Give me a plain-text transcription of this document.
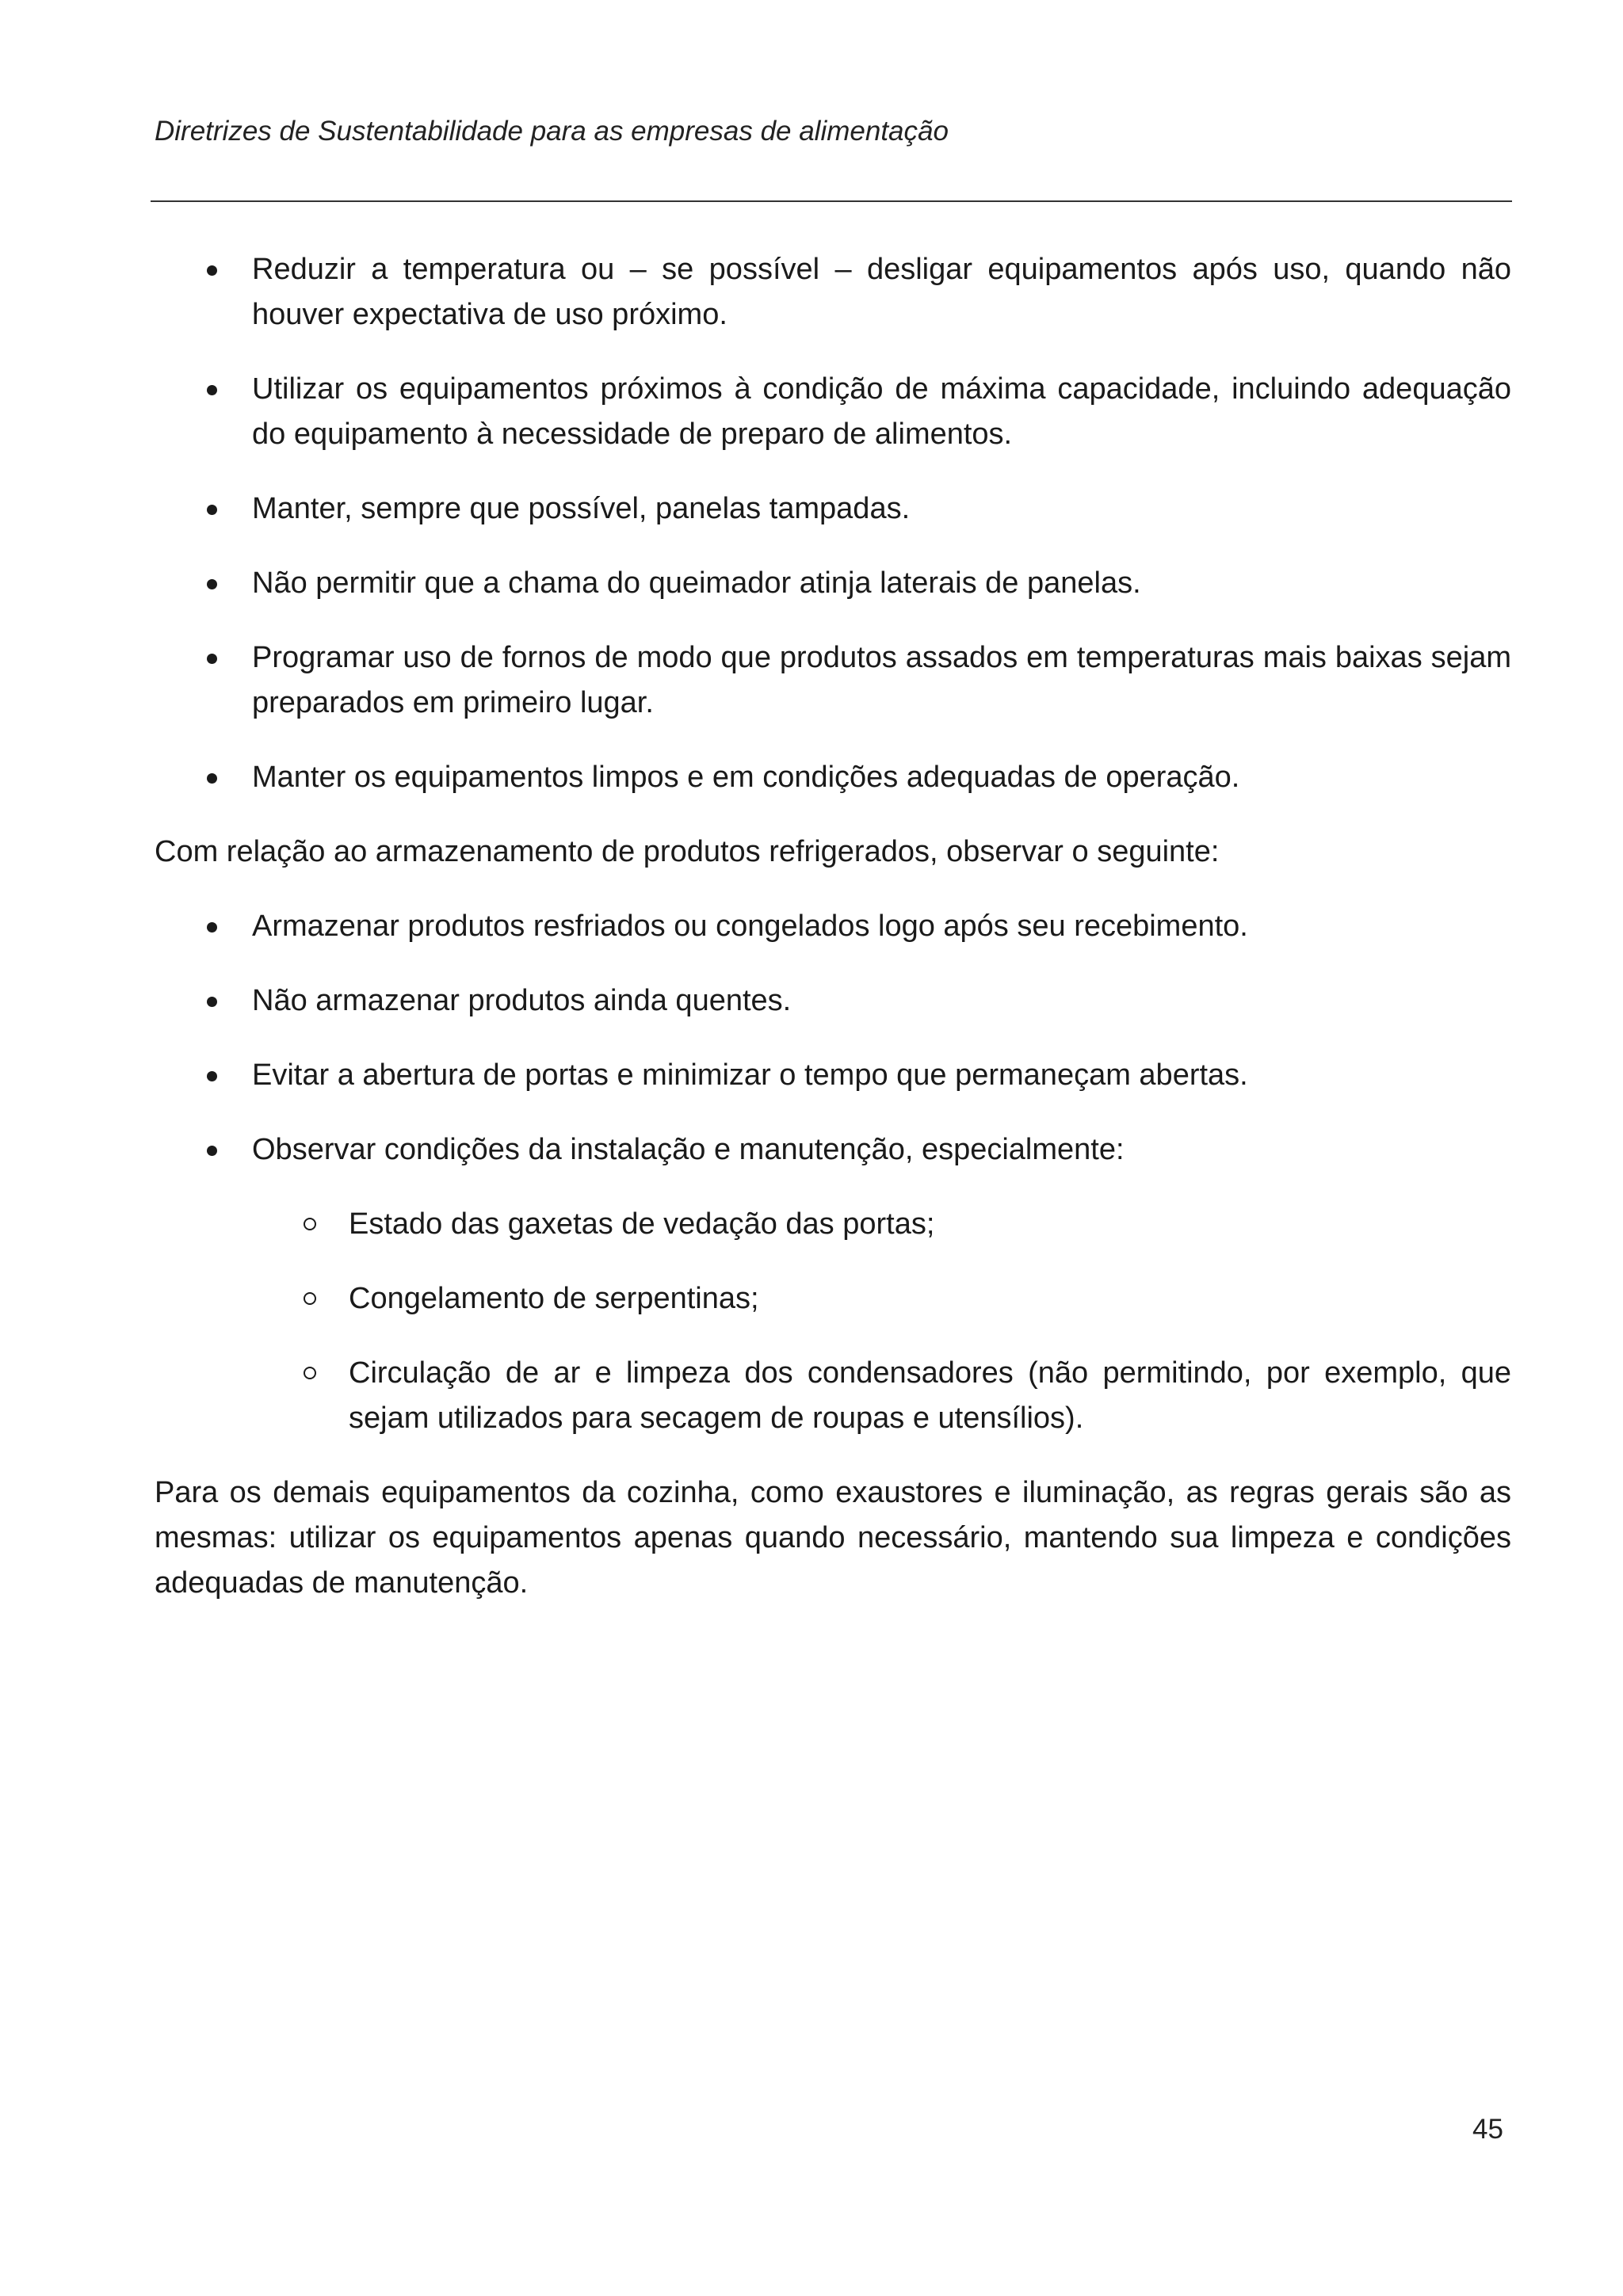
Diretrizes de Sustentabilidade para as empresas de alimentação
Reduzir a temperatura ou – se possível – desligar equipamentos após uso, quando não houver expectativa de uso próximo.
Utilizar os equipamentos próximos à condição de máxima capacidade, incluindo adequação do equipamento à necessidade de preparo de alimentos.
Manter, sempre que possível, panelas tampadas.
Não permitir que a chama do queimador atinja laterais de panelas.
Programar uso de fornos de modo que produtos assados em temperaturas mais baixas sejam preparados em primeiro lugar.
Manter os equipamentos limpos e em condições adequadas de operação.

Com relação ao armazenamento de produtos refrigerados, observar o seguinte:

Armazenar produtos resfriados ou congelados logo após seu recebimento.
Não armazenar produtos ainda quentes.
Evitar a abertura de portas e minimizar o tempo que permaneçam abertas.
Observar condições da instalação e manutenção, especialmente:
Estado das gaxetas de vedação das portas;
Congelamento de serpentinas;
Circulação de ar e limpeza dos condensadores (não permitindo, por exemplo, que sejam utilizados para secagem de roupas e utensílios).

Para os demais equipamentos da cozinha, como exaustores e iluminação, as regras gerais são as mesmas: utilizar os equipamentos apenas quando necessário, mantendo sua limpeza e condições adequadas de manutenção.

45
